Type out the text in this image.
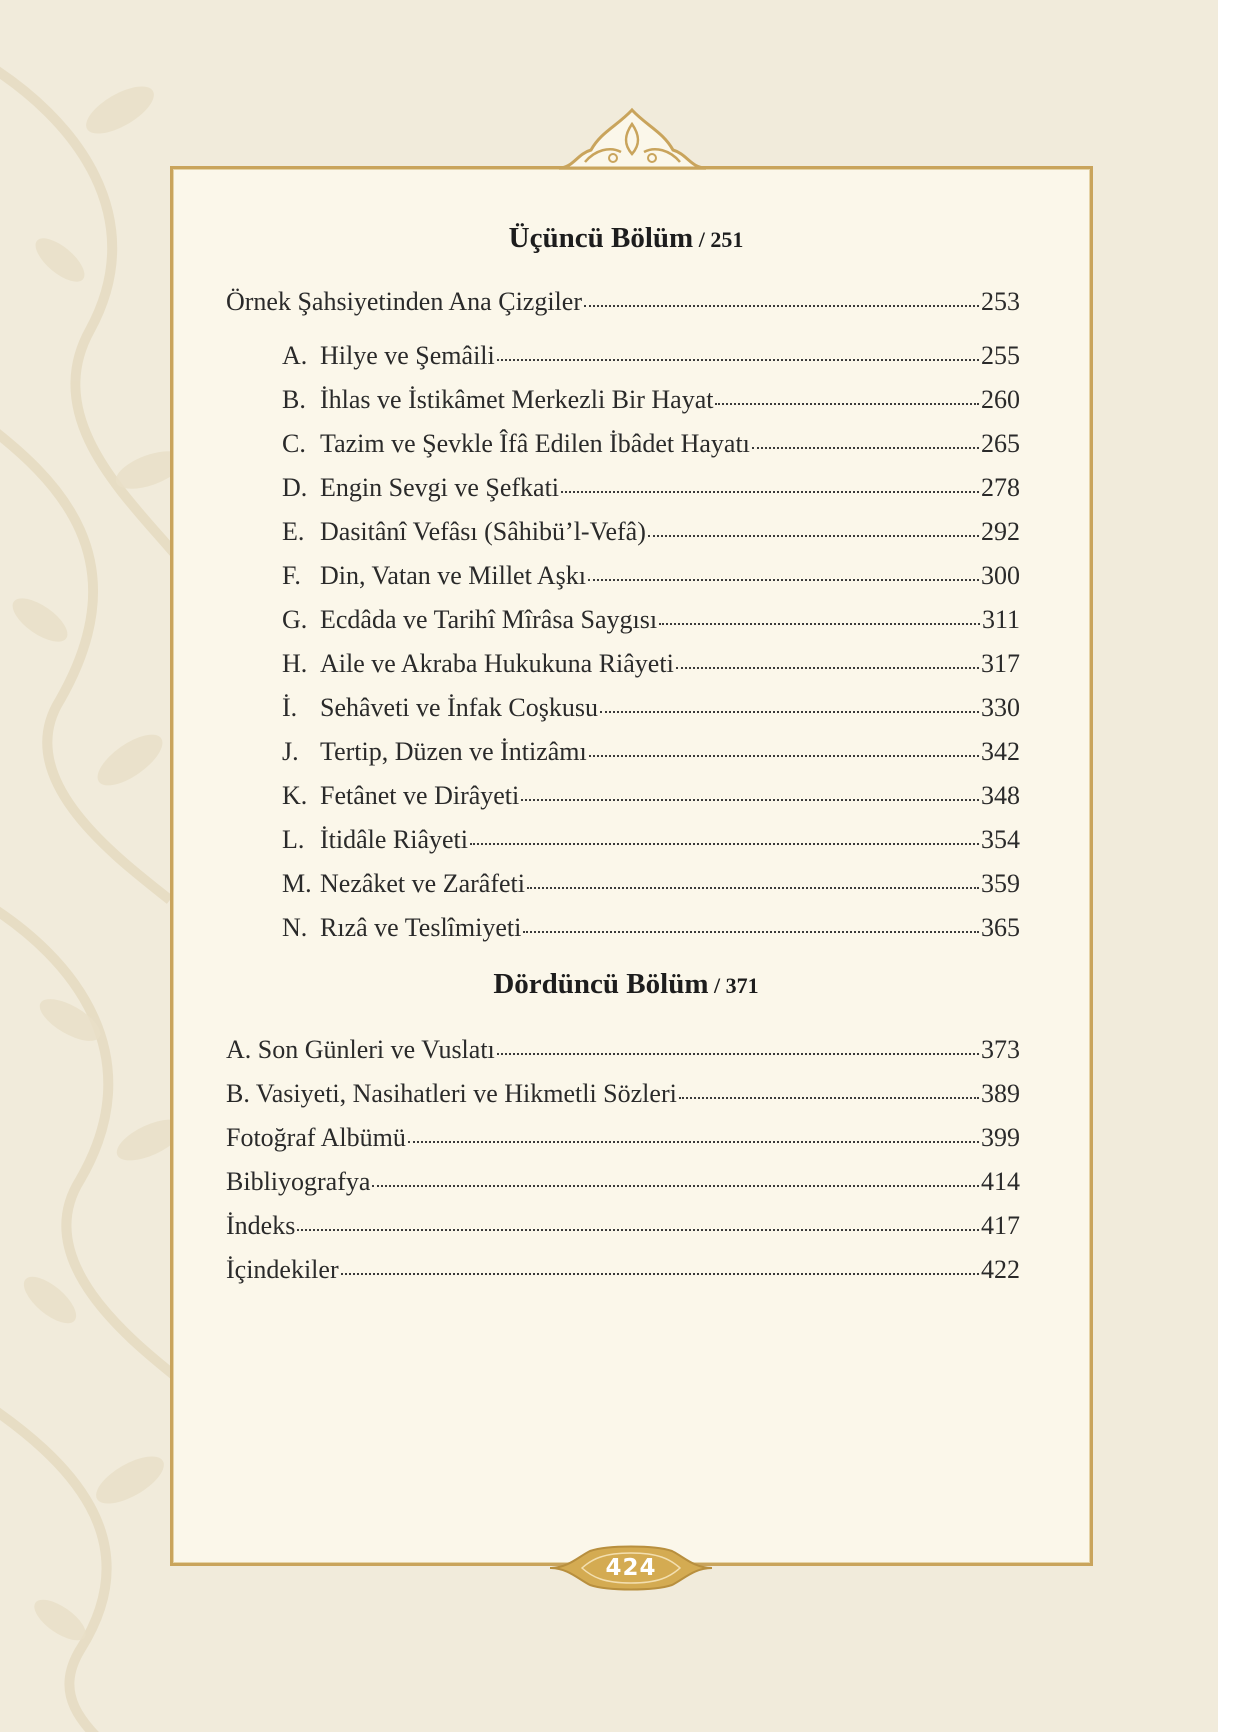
Üçüncü Bölüm / 251
Örnek Şahsiyetinden Ana Çizgiler	253
A. Hilye ve Şemâili	255
B. İhlas ve İstikâmet Merkezli Bir Hayat	260
C. Tazim ve Şevkle Îfâ Edilen İbâdet Hayatı	265
D. Engin Sevgi ve Şefkati	278
E. Dasitânî Vefâsı (Sâhibü’l-Vefâ)	292
F. Din, Vatan ve Millet Aşkı	300
G. Ecdâda ve Tarihî Mîrâsa Saygısı	311
H. Aile ve Akraba Hukukuna Riâyeti	317
İ. Sehâveti ve İnfak Coşkusu	330
J. Tertip, Düzen ve İntizâmı	342
K. Fetânet ve Dirâyeti	348
L. İtidâle Riâyeti	354
M. Nezâket ve Zarâfeti	359
N. Rızâ ve Teslîmiyeti	365
Dördüncü Bölüm / 371
A. Son Günleri ve Vuslatı	373
B. Vasiyeti, Nasihatleri ve Hikmetli Sözleri	389
Fotoğraf Albümü	399
Bibliyografya	414
İndeks	417
İçindekiler	422
424
